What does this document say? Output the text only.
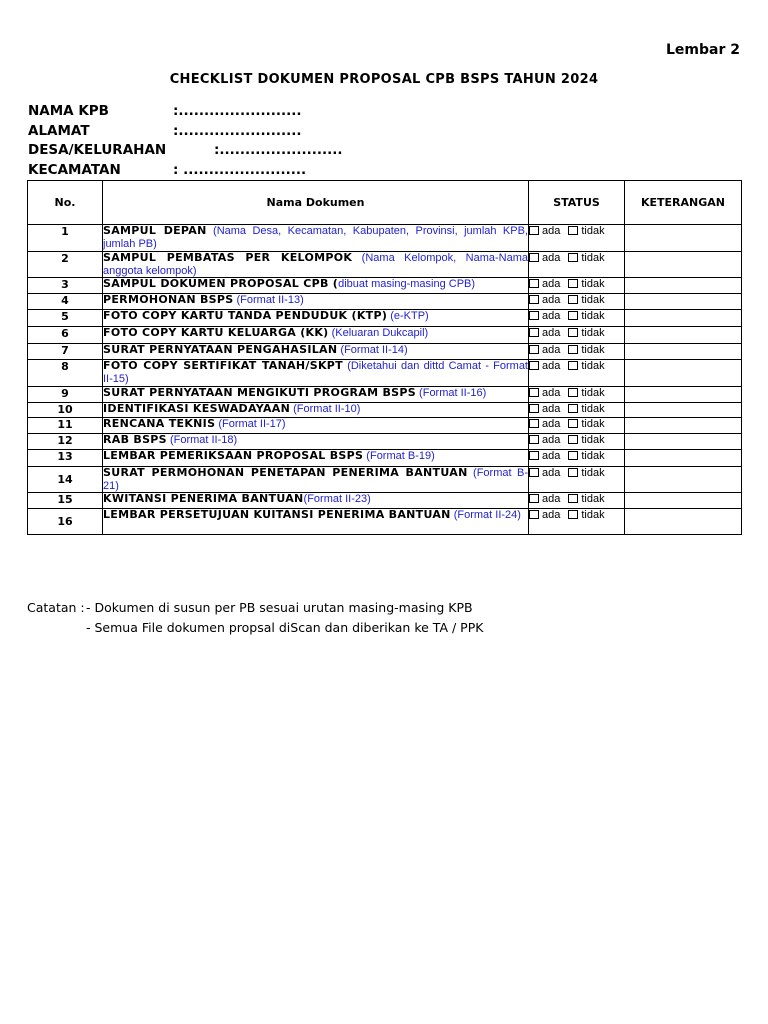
Lembar 2
CHECKLIST DOKUMEN PROPOSAL CPB BSPS TAHUN 2024
NAMA KPB	:........................
ALAMAT	:........................
DESA/KELURAHAN	:........................
KECAMATAN	: ........................
No.	Nama Dokumen	STATUS	KETERANGAN
1	SAMPUL DEPAN (Nama Desa, Kecamatan, Kabupaten, Provinsi, jumlah KPB, jumlah PB)	ada tidak	
2	SAMPUL PEMBATAS PER KELOMPOK (Nama Kelompok, Nama-Nama anggota kelompok)	ada tidak	
3	SAMPUL DOKUMEN PROPOSAL CPB (dibuat masing-masing CPB)	ada tidak	
4	PERMOHONAN BSPS (Format II-13)	ada tidak	
5	FOTO COPY KARTU TANDA PENDUDUK (KTP) (e-KTP)	ada tidak	
6	FOTO COPY KARTU KELUARGA (KK) (Keluaran Dukcapil)	ada tidak	
7	SURAT PERNYATAAN PENGAHASILAN (Format II-14)	ada tidak	
8	FOTO COPY SERTIFIKAT TANAH/SKPT (Diketahui dan dittd Camat - Format II-15)	ada tidak	
9	SURAT PERNYATAAN MENGIKUTI PROGRAM BSPS (Format II-16)	ada tidak	
10	IDENTIFIKASI KESWADAYAAN (Format II-10)	ada tidak	
11	RENCANA TEKNIS (Format II-17)	ada tidak	
12	RAB BSPS (Format II-18)	ada tidak	
13	LEMBAR PEMERIKSAAN PROPOSAL BSPS (Format B-19)	ada tidak	
14	SURAT PERMOHONAN PENETAPAN PENERIMA BANTUAN (Format B-21)	ada tidak	
15	KWITANSI PENERIMA BANTUAN(Format II-23)	ada tidak	
16	LEMBAR PERSETUJUAN KUITANSI PENERIMA BANTUAN (Format II-24)	ada tidak	
Catatan : - Dokumen di susun per PB sesuai urutan masing-masing KPB
- Semua File dokumen propsal diScan dan diberikan ke TA / PPK
